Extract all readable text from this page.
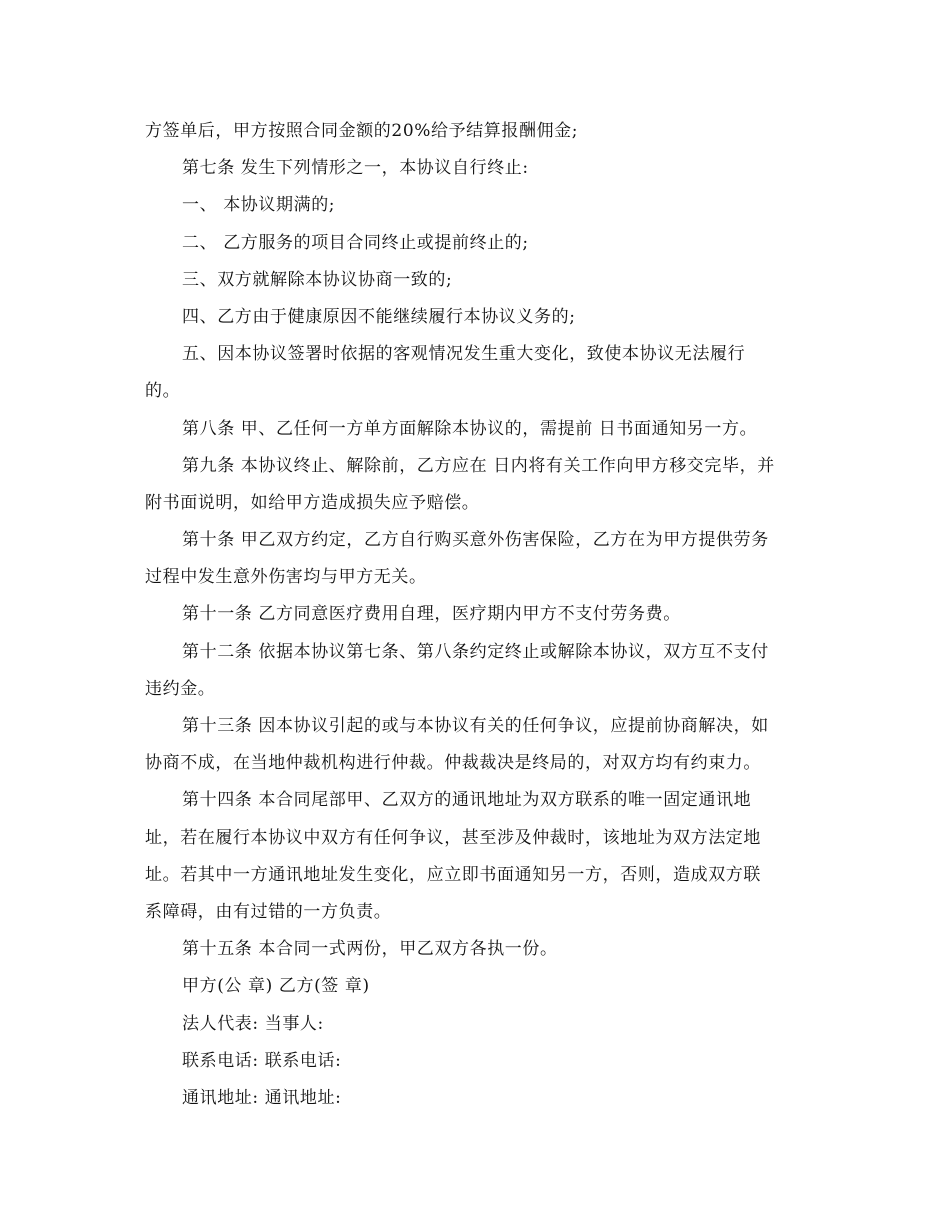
方签单后，甲方按照合同金额的20%给予结算报酬佣金;
第七条 发生下列情形之一，本协议自行终止:
一、 本协议期满的;
二、 乙方服务的项目合同终止或提前终止的;
三、双方就解除本协议协商一致的;
四、乙方由于健康原因不能继续履行本协议义务的;
五、因本协议签署时依据的客观情况发生重大变化，致使本协议无法履行
的。
第八条 甲、乙任何一方单方面解除本协议的，需提前 日书面通知另一方。
第九条 本协议终止、解除前，乙方应在 日内将有关工作向甲方移交完毕，并
附书面说明，如给甲方造成损失应予赔偿。
第十条 甲乙双方约定，乙方自行购买意外伤害保险，乙方在为甲方提供劳务
过程中发生意外伤害均与甲方无关。
第十一条 乙方同意医疗费用自理，医疗期内甲方不支付劳务费。
第十二条 依据本协议第七条、第八条约定终止或解除本协议，双方互不支付
违约金。
第十三条 因本协议引起的或与本协议有关的任何争议，应提前协商解决，如
协商不成，在当地仲裁机构进行仲裁。仲裁裁决是终局的，对双方均有约束力。
第十四条 本合同尾部甲、乙双方的通讯地址为双方联系的唯一固定通讯地
址，若在履行本协议中双方有任何争议，甚至涉及仲裁时，该地址为双方法定地
址。若其中一方通讯地址发生变化，应立即书面通知另一方，否则，造成双方联
系障碍，由有过错的一方负责。
第十五条 本合同一式两份，甲乙双方各执一份。
甲方(公 章) 乙方(签 章)
法人代表: 当事人:
联系电话: 联系电话:
通讯地址: 通讯地址:
